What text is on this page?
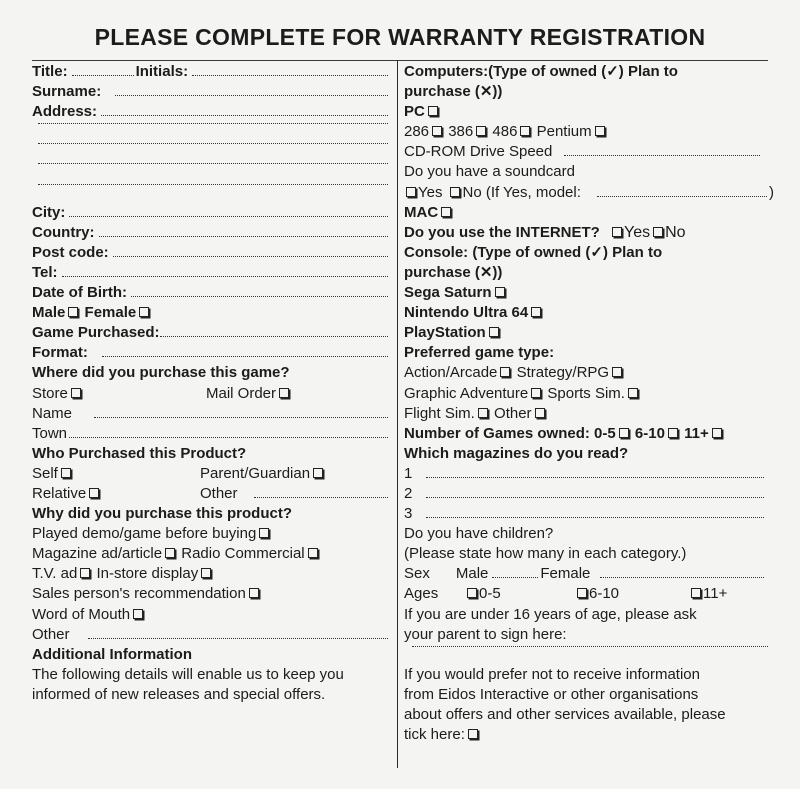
PLEASE COMPLETE FOR WARRANTY REGISTRATION
Title:	Initials:
Surname:
Address:
City:
Country:
Post code:
Tel:
Date of Birth:
Male Female
Game Purchased:
Format:
Where did you purchase this game?
Store	Mail Order
Name
Town
Who Purchased this Product?
Self	Parent/Guardian
Relative	Other
Why did you purchase this product?
Played demo/game before buying
Magazine ad/article Radio Commercial
T.V. ad In-store display
Sales person's recommendation
Word of Mouth
Other
Additional Information
The following details will enable us to keep you
informed of new releases and special offers.
Computers:(Type of owned (✓) Plan to
purchase (✕))
PC
286 386 486 Pentium
CD-ROM Drive Speed
Do you have a soundcard
Yes No (If Yes, model:	)
MAC
Do you use the INTERNET? Yes No
Console: (Type of owned (✓) Plan to
purchase (✕))
Sega Saturn
Nintendo Ultra 64
PlayStation
Preferred game type:
Action/Arcade Strategy/RPG
Graphic Adventure Sports Sim.
Flight Sim. Other
Number of Games owned: 0-5 6-10 11+
Which magazines do you read?
1
2
3
Do you have children?
(Please state how many in each category.)
Sex Male	Female
Ages	0-5	6-10	11+
If you are under 16 years of age, please ask
your parent to sign here:
If you would prefer not to receive information
from Eidos Interactive or other organisations
about offers and other services available, please
tick here:
